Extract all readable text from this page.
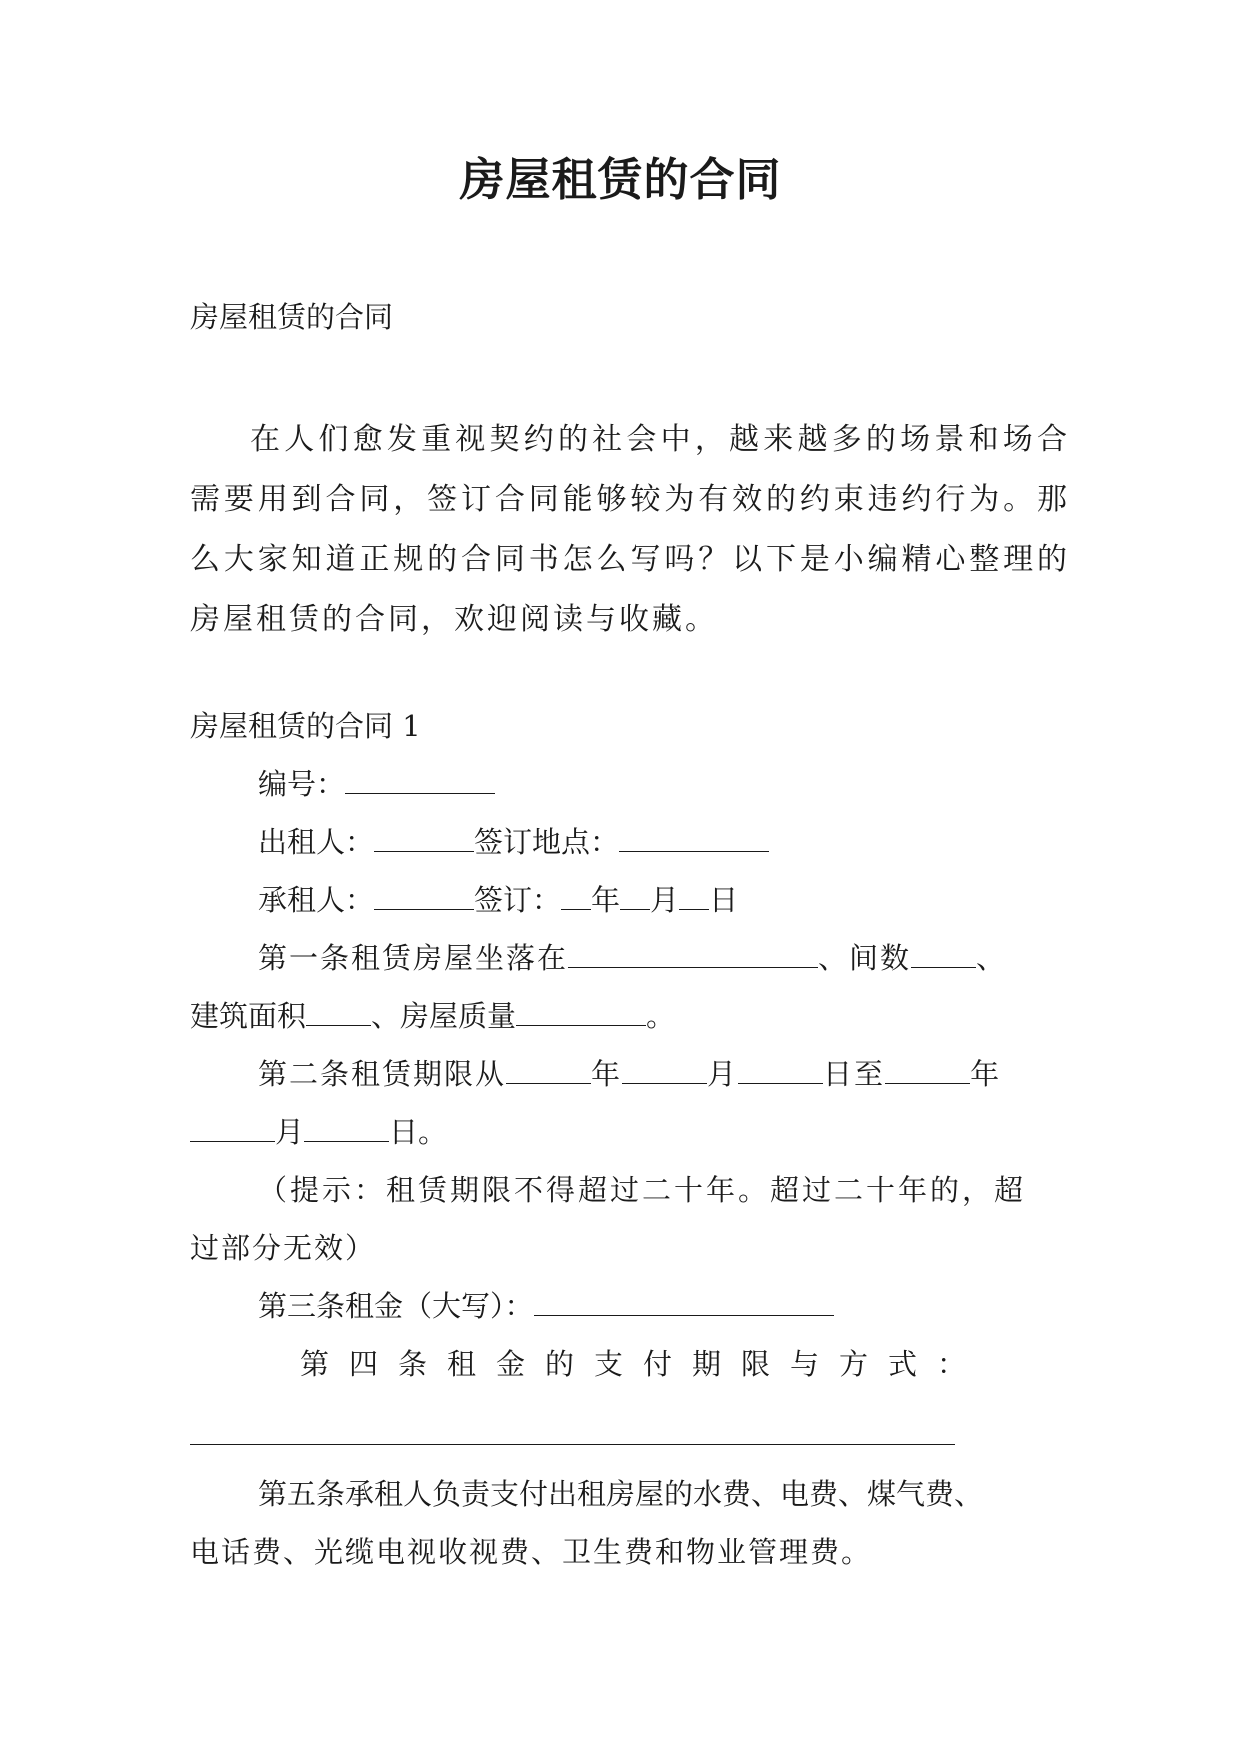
房屋租赁的合同
房屋租赁的合同
在人们愈发重视契约的社会中，越来越多的场景和场合需要用到合同，签订合同能够较为有效的约束违约行为。那么大家知道正规的合同书怎么写吗？以下是小编精心整理的房屋租赁的合同，欢迎阅读与收藏。
房屋租赁的合同 1
编号：
出租人：	签订地点：
承租人：	签订： 年 月 日
第一条租赁房屋坐落在	、间数 、
建筑面积 、房屋质量	。
第二条租赁期限从	年	月	日至	年
月	日。
（提示：租赁期限不得超过二十年。超过二十年的，超
过部分无效）
第三条租金（大写）：
第四条租金的支付期限与方式：
第五条承租人负责支付出租房屋的水费、电费、煤气费、
电话费、光缆电视收视费、卫生费和物业管理费。
